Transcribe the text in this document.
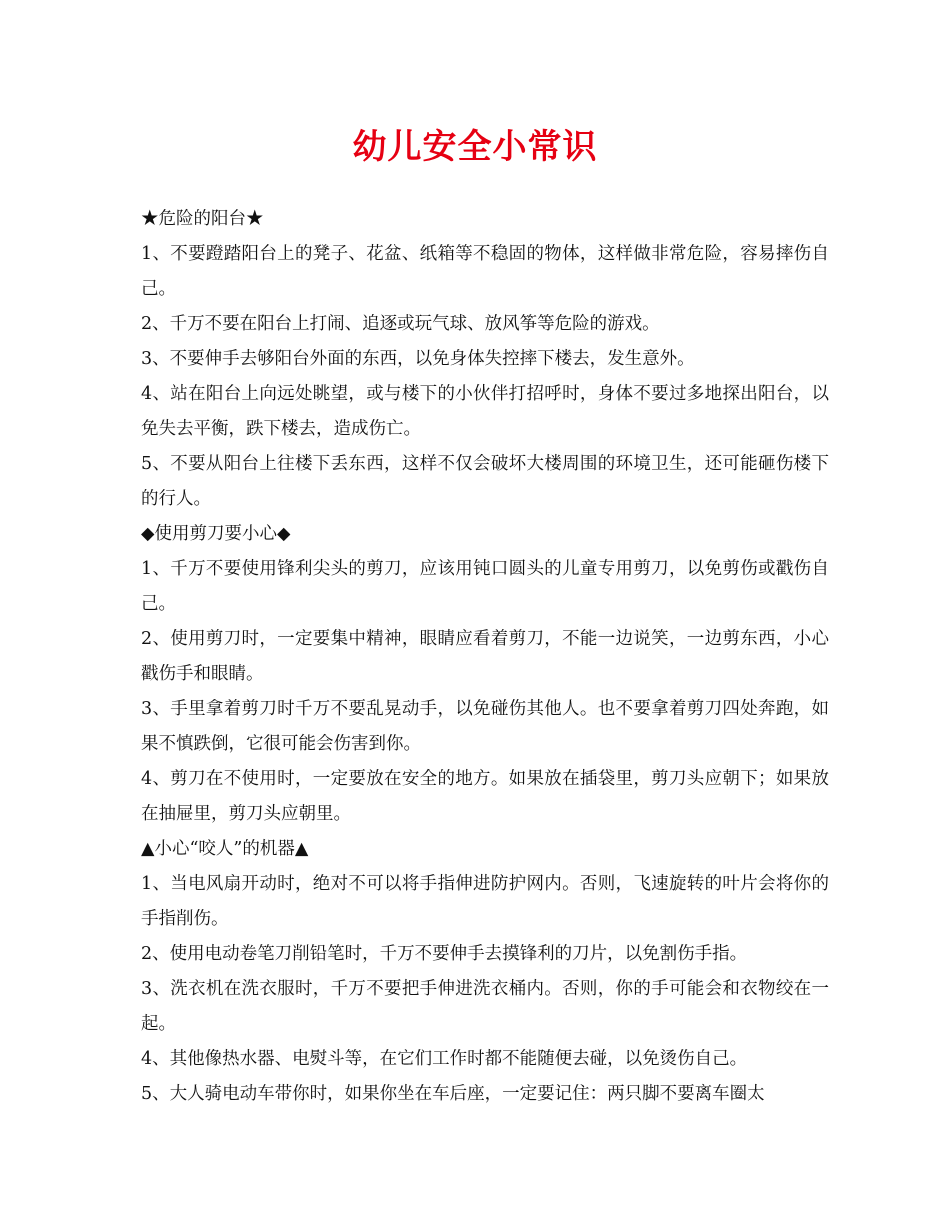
幼儿安全小常识

★危险的阳台★

1、不要蹬踏阳台上的凳子、花盆、纸箱等不稳固的物体，这样做非常危险，容易摔伤自己。

2、千万不要在阳台上打闹、追逐或玩气球、放风筝等危险的游戏。

3、不要伸手去够阳台外面的东西，以免身体失控摔下楼去，发生意外。

4、站在阳台上向远处眺望，或与楼下的小伙伴打招呼时，身体不要过多地探出阳台，以免失去平衡，跌下楼去，造成伤亡。

5、不要从阳台上往楼下丢东西，这样不仅会破坏大楼周围的环境卫生，还可能砸伤楼下的行人。

◆使用剪刀要小心◆

1、千万不要使用锋利尖头的剪刀，应该用钝口圆头的儿童专用剪刀，以免剪伤或戳伤自己。

2、使用剪刀时，一定要集中精神，眼睛应看着剪刀，不能一边说笑，一边剪东西，小心戳伤手和眼睛。

3、手里拿着剪刀时千万不要乱晃动手，以免碰伤其他人。也不要拿着剪刀四处奔跑，如果不慎跌倒，它很可能会伤害到你。

4、剪刀在不使用时，一定要放在安全的地方。如果放在插袋里，剪刀头应朝下；如果放在抽屉里，剪刀头应朝里。

▲小心“咬人”的机器▲

1、当电风扇开动时，绝对不可以将手指伸进防护网内。否则，飞速旋转的叶片会将你的手指削伤。

2、使用电动卷笔刀削铅笔时，千万不要伸手去摸锋利的刀片，以免割伤手指。

3、洗衣机在洗衣服时，千万不要把手伸进洗衣桶内。否则，你的手可能会和衣物绞在一起。

4、其他像热水器、电熨斗等，在它们工作时都不能随便去碰，以免烫伤自己。

5、大人骑电动车带你时，如果你坐在车后座，一定要记住：两只脚不要离车圈太
